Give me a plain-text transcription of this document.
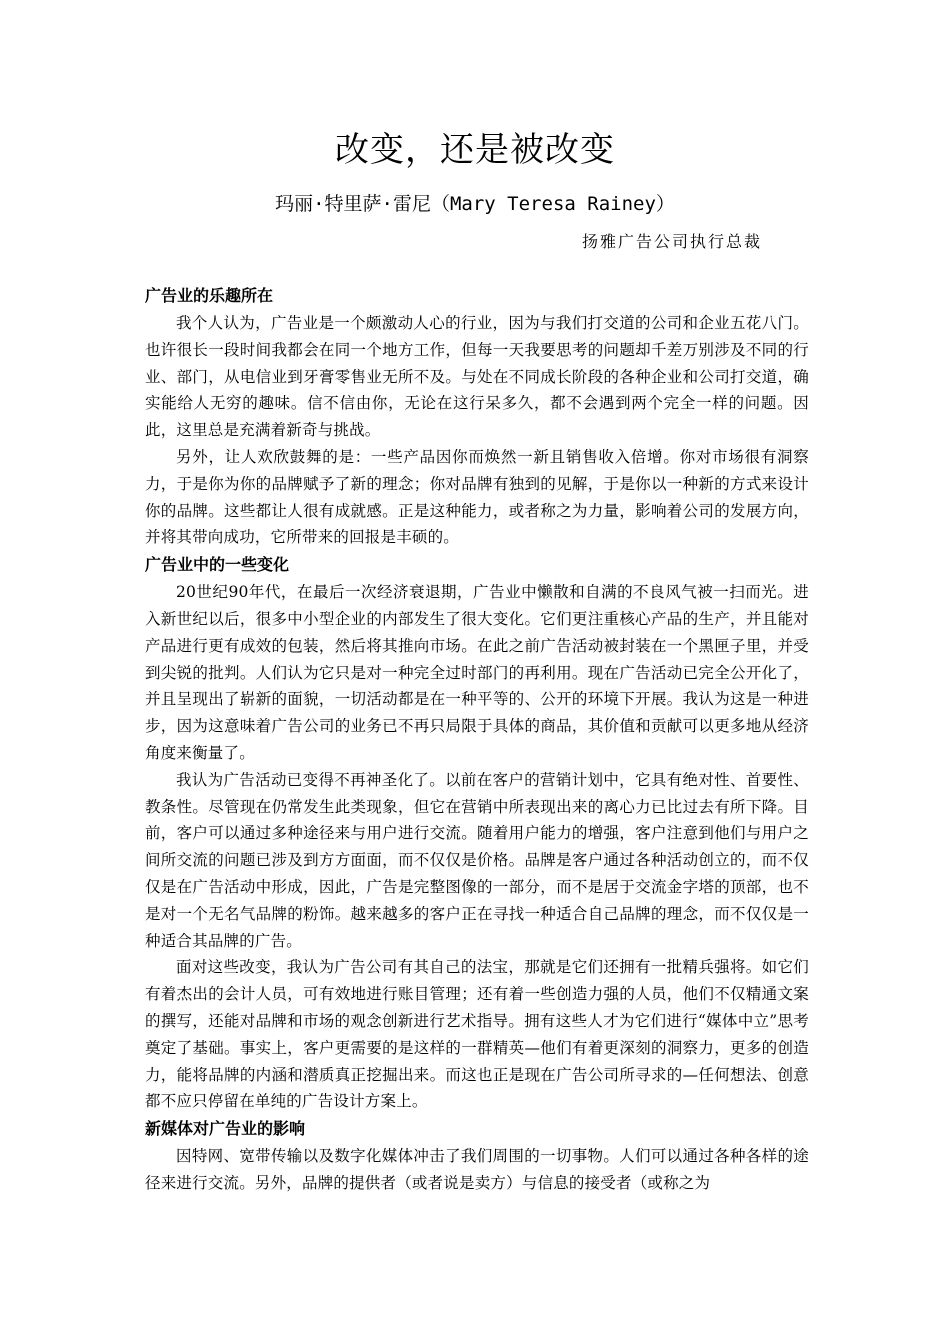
改变，还是被改变
玛丽·特里萨·雷尼（Mary Teresa Rainey）
扬雅广告公司执行总裁
广告业的乐趣所在

我个人认为，广告业是一个颇激动人心的行业，因为与我们打交道的公司和企业五花八门。也许很长一段时间我都会在同一个地方工作，但每一天我要思考的问题却千差万别涉及不同的行业、部门，从电信业到牙膏零售业无所不及。与处在不同成长阶段的各种企业和公司打交道，确实能给人无穷的趣味。信不信由你，无论在这行呆多久，都不会遇到两个完全一样的问题。因此，这里总是充满着新奇与挑战。

另外，让人欢欣鼓舞的是：一些产品因你而焕然一新且销售收入倍增。你对市场很有洞察力，于是你为你的品牌赋予了新的理念；你对品牌有独到的见解，于是你以一种新的方式来设计你的品牌。这些都让人很有成就感。正是这种能力，或者称之为力量，影响着公司的发展方向，并将其带向成功，它所带来的回报是丰硕的。

广告业中的一些变化

20世纪90年代，在最后一次经济衰退期，广告业中懒散和自满的不良风气被一扫而光。进入新世纪以后，很多中小型企业的内部发生了很大变化。它们更注重核心产品的生产，并且能对产品进行更有成效的包装，然后将其推向市场。在此之前广告活动被封装在一个黑匣子里，并受到尖锐的批判。人们认为它只是对一种完全过时部门的再利用。现在广告活动已完全公开化了，并且呈现出了崭新的面貌，一切活动都是在一种平等的、公开的环境下开展。我认为这是一种进步，因为这意味着广告公司的业务已不再只局限于具体的商品，其价值和贡献可以更多地从经济角度来衡量了。

我认为广告活动已变得不再神圣化了。以前在客户的营销计划中，它具有绝对性、首要性、教条性。尽管现在仍常发生此类现象，但它在营销中所表现出来的离心力已比过去有所下降。目前，客户可以通过多种途径来与用户进行交流。随着用户能力的增强，客户注意到他们与用户之间所交流的问题已涉及到方方面面，而不仅仅是价格。品牌是客户通过各种活动创立的，而不仅仅是在广告活动中形成，因此，广告是完整图像的一部分，而不是居于交流金字塔的顶部，也不是对一个无名气品牌的粉饰。越来越多的客户正在寻找一种适合自己品牌的理念，而不仅仅是一种适合其品牌的广告。

面对这些改变，我认为广告公司有其自己的法宝，那就是它们还拥有一批精兵强将。如它们有着杰出的会计人员，可有效地进行账目管理；还有着一些创造力强的人员，他们不仅精通文案的撰写，还能对品牌和市场的观念创新进行艺术指导。拥有这些人才为它们进行“媒体中立”思考奠定了基础。事实上，客户更需要的是这样的一群精英—他们有着更深刻的洞察力，更多的创造力，能将品牌的内涵和潜质真正挖掘出来。而这也正是现在广告公司所寻求的—任何想法、创意都不应只停留在单纯的广告设计方案上。

新媒体对广告业的影响

因特网、宽带传输以及数字化媒体冲击了我们周围的一切事物。人们可以通过各种各样的途径来进行交流。另外，品牌的提供者（或者说是卖方）与信息的接受者（或称之为
